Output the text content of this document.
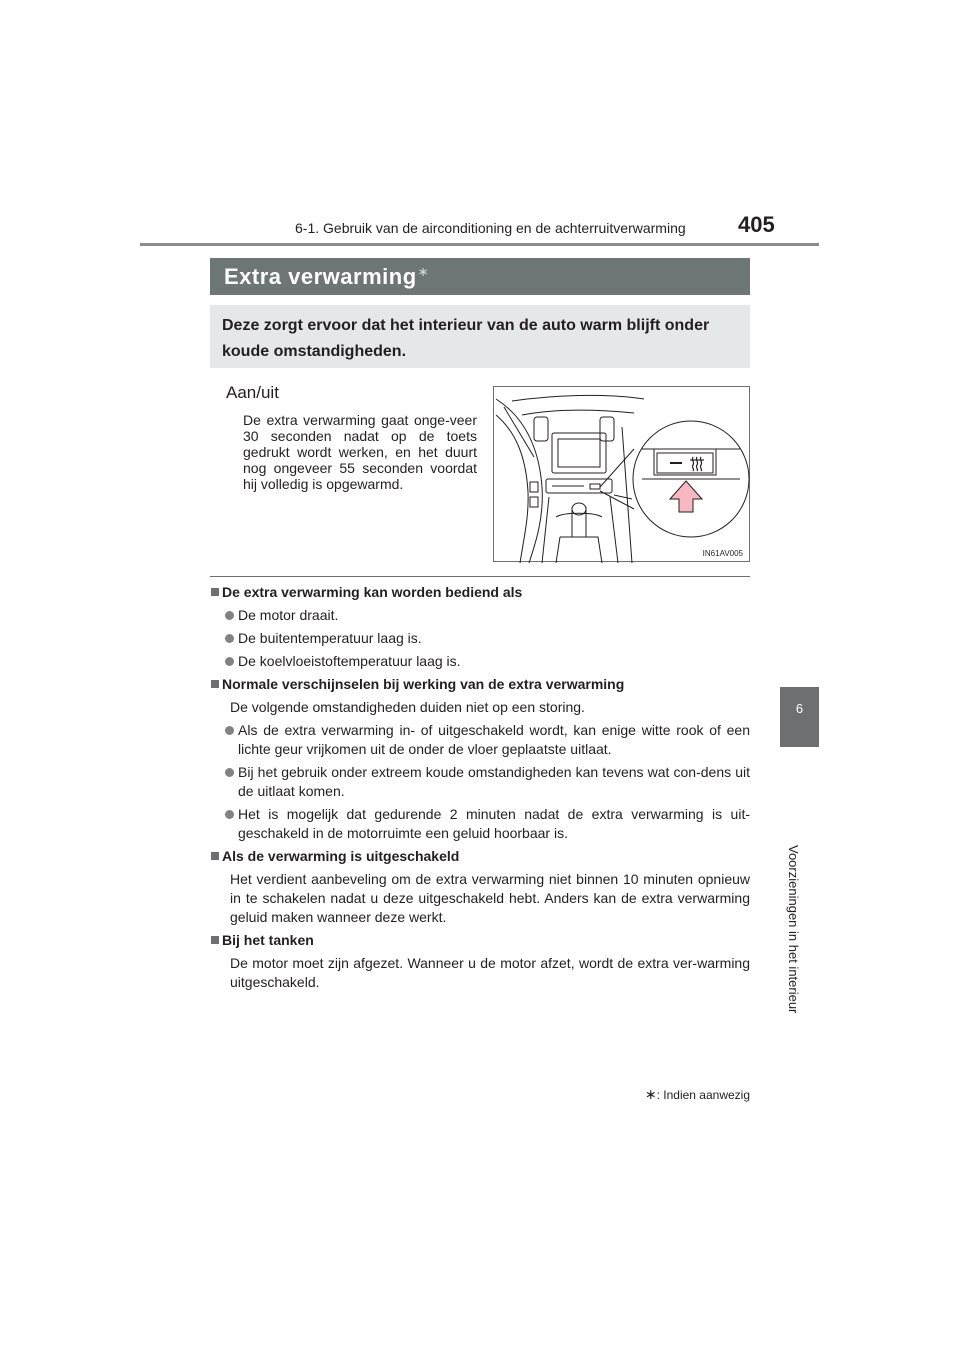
6-1. Gebruik van de airconditioning en de achterruitverwarming 405
6
Voorzieningen in het interieur
Extra verwarming∗
Deze zorgt ervoor dat het interieur van de auto warm blijft onder koude omstandigheden.
Aan/uit
De extra verwarming gaat onge-veer 30 seconden nadat op de toets gedrukt wordt werken, en het duurt nog ongeveer 55 seconden voordat hij volledig is opgewarmd.
IN61AV005
De extra verwarming kan worden bediend als
De motor draait.
De buitentemperatuur laag is.
De koelvloeistoftemperatuur laag is.
Normale verschijnselen bij werking van de extra verwarming
De volgende omstandigheden duiden niet op een storing.
Als de extra verwarming in- of uitgeschakeld wordt, kan enige witte rook of een lichte geur vrijkomen uit de onder de vloer geplaatste uitlaat.
Bij het gebruik onder extreem koude omstandigheden kan tevens wat con-dens uit de uitlaat komen.
Het is mogelijk dat gedurende 2 minuten nadat de extra verwarming is uit-geschakeld in de motorruimte een geluid hoorbaar is.
Als de verwarming is uitgeschakeld
Het verdient aanbeveling om de extra verwarming niet binnen 10 minuten opnieuw in te schakelen nadat u deze uitgeschakeld hebt. Anders kan de extra verwarming geluid maken wanneer deze werkt.
Bij het tanken
De motor moet zijn afgezet. Wanneer u de motor afzet, wordt de extra ver-warming uitgeschakeld.
∗: Indien aanwezig
